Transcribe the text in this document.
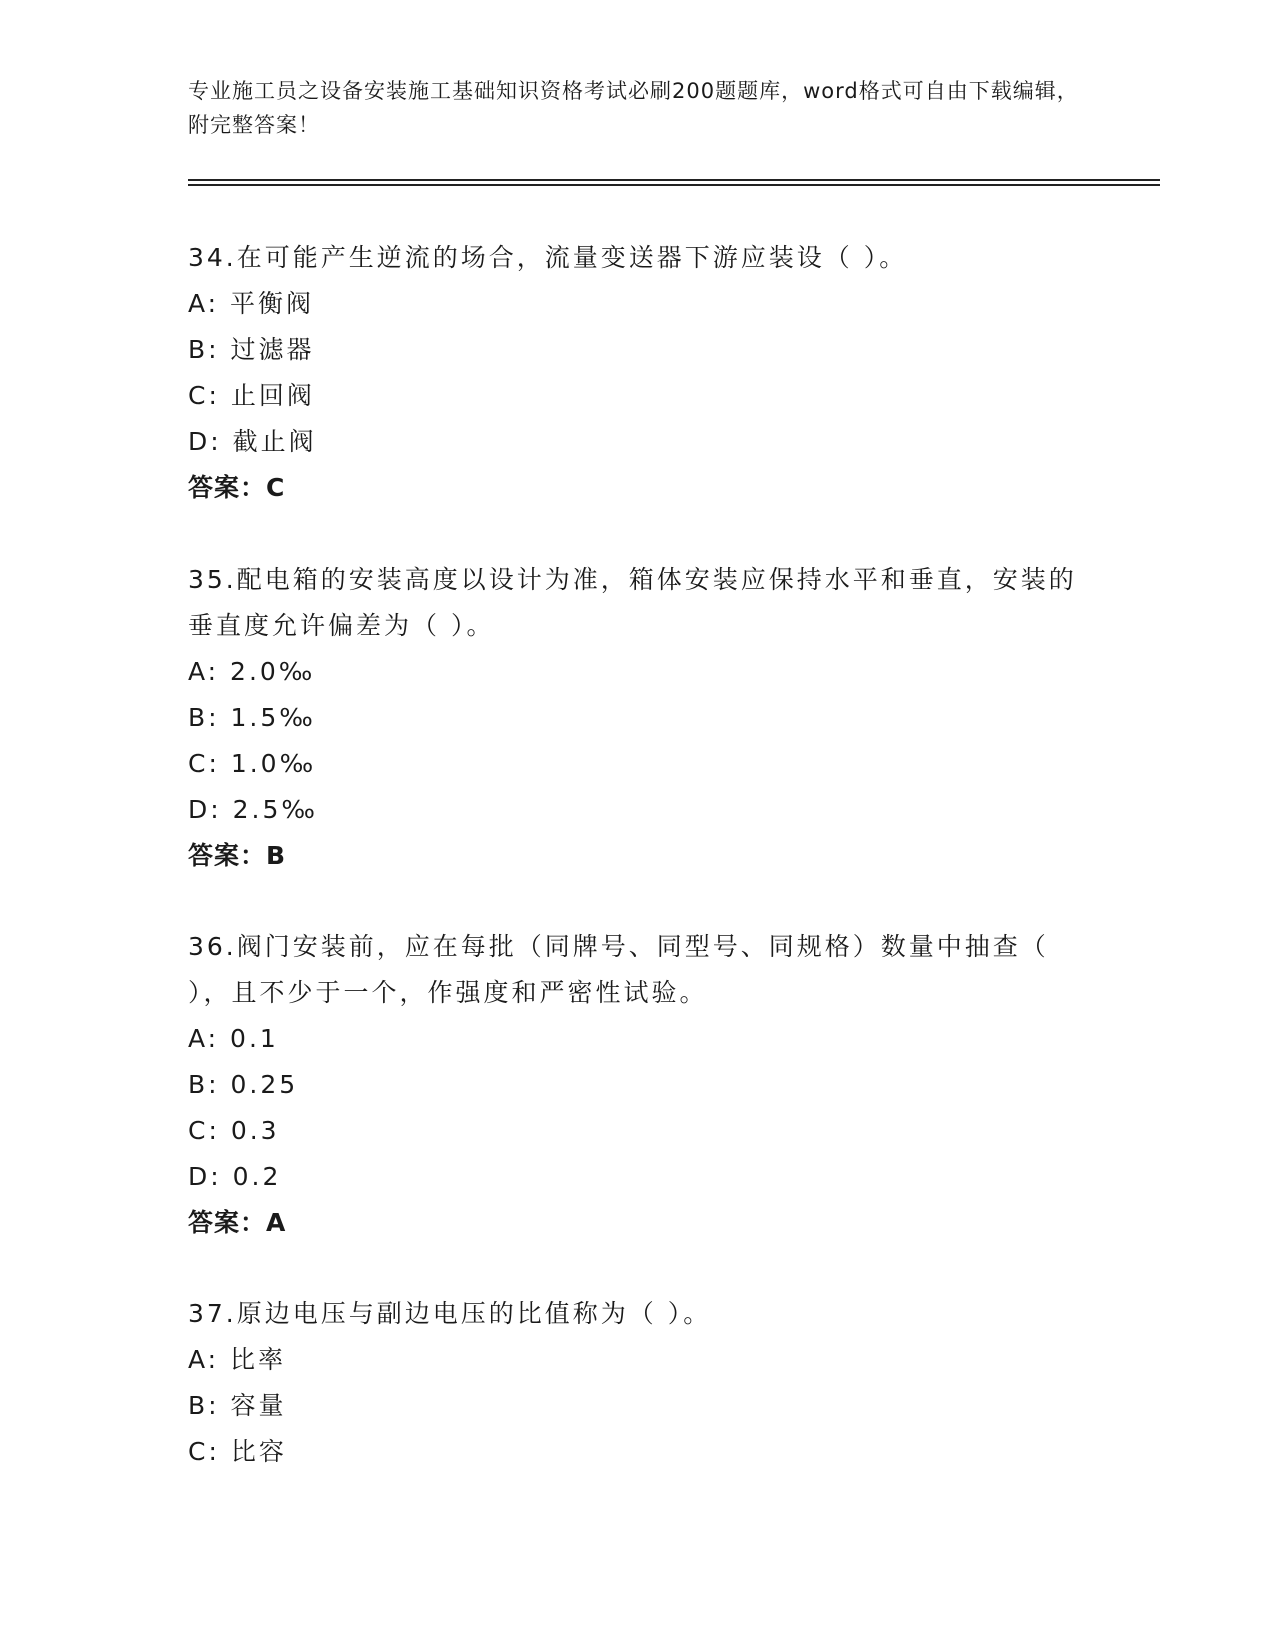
专业施工员之设备安装施工基础知识资格考试必刷200题题库，word格式可自由下载编辑，附完整答案！

34.在可能产生逆流的场合，流量变送器下游应装设（ ）。

A: 平衡阀

B: 过滤器

C: 止回阀

D: 截止阀

答案：C

35.配电箱的安装高度以设计为准，箱体安装应保持水平和垂直，安装的垂直度允许偏差为（ ）。

A: 2.0‰

B: 1.5‰

C: 1.0‰

D: 2.5‰

答案：B

36.阀门安装前，应在每批（同牌号、同型号、同规格）数量中抽查（ ），且不少于一个，作强度和严密性试验。

A: 0.1

B: 0.25

C: 0.3

D: 0.2

答案：A

37.原边电压与副边电压的比值称为（ ）。

A: 比率

B: 容量

C: 比容
